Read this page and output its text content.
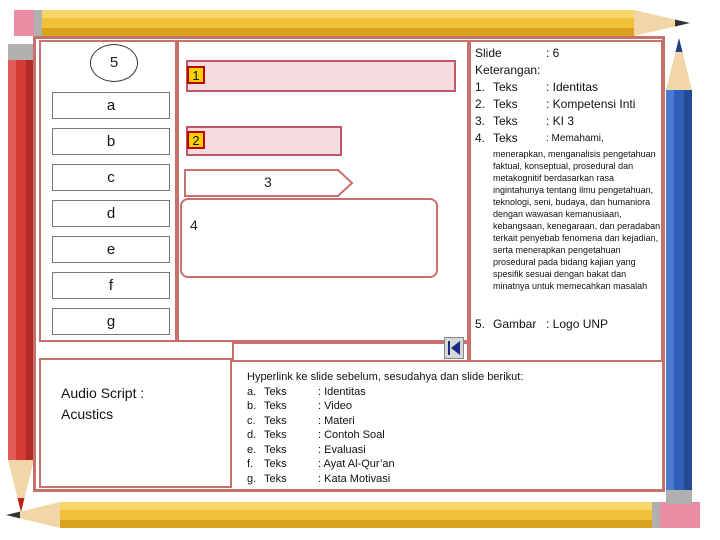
5
a
b
c
d
e
f
g
1
2
3
4
Slide	: 6
Keterangan:
1. Teks : Identitas
2. Teks : Kompetensi Inti
3. Teks : KI 3
4. Teks	: Memahami,
menerapkan, menganalisis pengetahuan faktual, konseptual, prosedural dan metakognitif berdasarkan rasa ingintahunya tentang ilmu pengetahuan, teknologi, seni, budaya, dan humaniora dengan wawasan kemanusiaan, kebangsaan, kenegaraan, dan peradaban terkait penyebab fenomena dan kejadian, serta menerapkan pengetahuan prosedural pada bidang kajian yang spesifik sesuai dengan bakat dan minatnya untuk memecahkan masalah
5. Gambar : Logo UNP
Audio Script :
Acustics
Hyperlink ke slide sebelum, sesudahya dan slide berikut:
a. Teks	: Identitas
b. Teks	: Video
c. Teks	: Materi
d. Teks	: Contoh Soal
e. Teks	: Evaluasi
f. Teks	: Ayat Al-Qur’an
g. Teks	: Kata Motivasi
